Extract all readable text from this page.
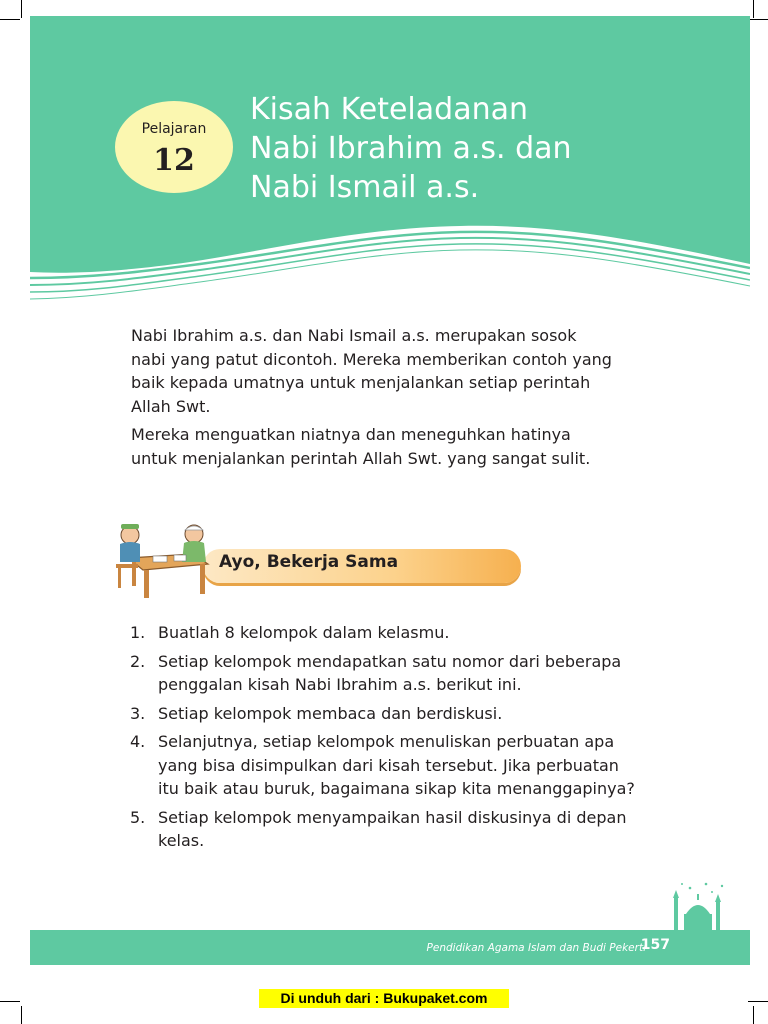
Pelajaran
12
Kisah Keteladanan
Nabi Ibrahim a.s. dan
Nabi Ismail a.s.
Nabi Ibrahim a.s. dan Nabi Ismail a.s. merupakan sosok
nabi yang patut dicontoh. Mereka memberikan contoh yang
baik kepada umatnya untuk menjalankan setiap perintah
Allah Swt.
Mereka menguatkan niatnya dan meneguhkan hatinya
untuk menjalankan perintah Allah Swt. yang sangat sulit.
Ayo, Bekerja Sama
1. Buatlah 8 kelompok dalam kelasmu.
2. Setiap kelompok mendapatkan satu nomor dari beberapa
penggalan kisah Nabi Ibrahim a.s. berikut ini.
3. Setiap kelompok membaca dan berdiskusi.
4. Selanjutnya, setiap kelompok menuliskan perbuatan apa
yang bisa disimpulkan dari kisah tersebut. Jika perbuatan
itu baik atau buruk, bagaimana sikap kita menanggapinya?
5. Setiap kelompok menyampaikan hasil diskusinya di depan
kelas.
Pendidikan Agama Islam dan Budi Pekerti
157
Di unduh dari : Bukupaket.com
